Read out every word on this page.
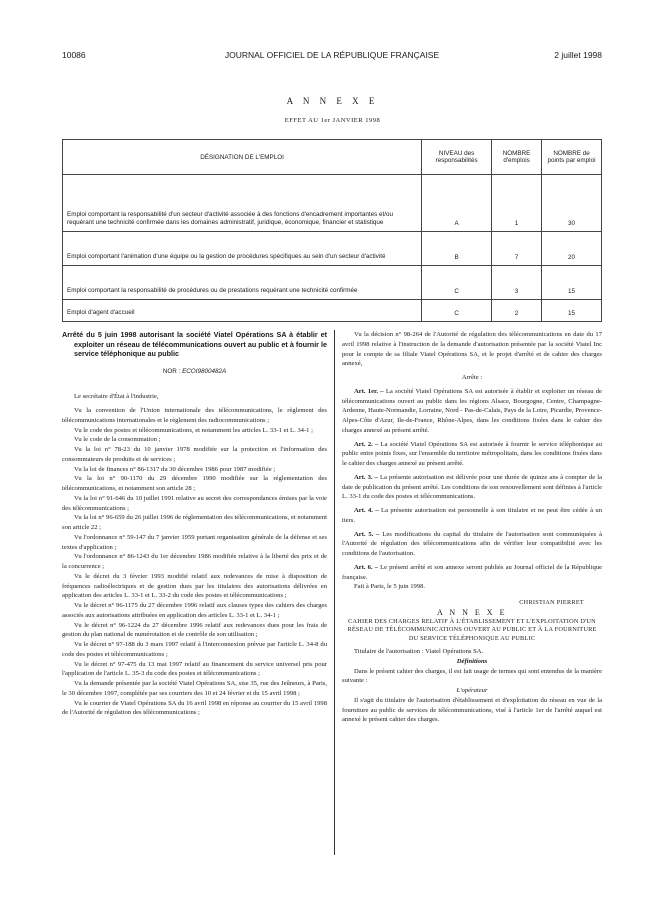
10086	JOURNAL OFFICIEL DE LA RÉPUBLIQUE FRANÇAISE	2 juillet 1998
A N N E X E
EFFET AU 1er JANVIER 1998
DÉSIGNATION DE L'EMPLOI	NIVEAU des responsabilités	NOMBRE d'emplois	NOMBRE de points par emploi
Emploi comportant la responsabilité d'un secteur d'activité associée à des fonctions d'encadrement importantes et/ou requérant une technicité confirmée dans les domaines administratif, juridique, économique, financier et statistique	A	1	30
Emploi comportant l'animation d'une équipe ou la gestion de procédures spécifiques au sein d'un secteur d'activité	B	7	20
Emploi comportant la responsabilité de procédures ou de prestations requérant une technicité confirmée	C	3	15
Emploi d'agent d'accueil	C	2	15
Arrêté du 5 juin 1998 autorisant la société Viatel Opérations SA à établir et exploiter un réseau de télécommunications ouvert au public et à fournir le service téléphonique au public
NOR : ECOI9800482A

Le secrétaire d'État à l'industrie,

Vu la convention de l'Union internationale des télécommunications, le règlement des télécommunications internationales et le règlement des radiocommunications ;

Vu le code des postes et télécommunications, et notamment les articles L. 33-1 et L. 34-1 ;

Vu le code de la consommation ;

Vu la loi n° 78-23 du 10 janvier 1978 modifiée sur la protection et l'information des consommateurs de produits et de services ;

Vu la loi de finances n° 86-1317 du 30 décembre 1986 pour 1987 modifiée ;

Vu la loi n° 90-1170 du 29 décembre 1990 modifiée sur la réglementation des télécommunications, et notamment son article 28 ;

Vu la loi n° 91-646 du 10 juillet 1991 relative au secret des correspondances émises par la voie des télécommunications ;

Vu la loi n° 96-659 du 26 juillet 1996 de réglementation des télécommunications, et notamment son article 22 ;

Vu l'ordonnance n° 59-147 du 7 janvier 1959 portant organisation générale de la défense et ses textes d'application ;

Vu l'ordonnance n° 86-1243 du 1er décembre 1986 modifiée relative à la liberté des prix et de la concurrence ;

Vu le décret du 3 février 1993 modifié relatif aux redevances de mise à disposition de fréquences radioélectriques et de gestion dues par les titulaires des autorisations délivrées en application des articles L. 33-1 et L. 33-2 du code des postes et télécommunications ;

Vu le décret n° 96-1175 du 27 décembre 1996 relatif aux clauses types des cahiers des charges associés aux autorisations attribuées en application des articles L. 33-1 et L. 34-1 ;

Vu le décret n° 96-1224 du 27 décembre 1996 relatif aux redevances dues pour les frais de gestion du plan national de numérotation et de contrôle de son utilisation ;

Vu le décret n° 97-188 du 3 mars 1997 relatif à l'interconnexion prévue par l'article L. 34-8 du code des postes et télécommunications ;

Vu le décret n° 97-475 du 13 mai 1997 relatif au financement du service universel pris pour l'application de l'article L. 35-3 du code des postes et télécommunications ;

Vu la demande présentée par la société Viatel Opérations SA, sise 35, rue des Jeûneurs, à Paris, le 30 décembre 1997, complétée par ses courriers des 10 et 24 février et du 15 avril 1998 ;

Vu le courrier de Viatel Opérations SA du 16 avril 1998 en réponse au courrier du 15 avril 1998 de l'Autorité de régulation des télécommunications ;

Vu la décision n° 98-264 de l'Autorité de régulation des télécommunications en date du 17 avril 1998 relative à l'instruction de la demande d'autorisation présentée par la société Viatel Inc pour le compte de sa filiale Viatel Opérations SA, et le projet d'arrêté et de cahier des charges annexé,

Arrête :

Art. 1er. – La société Viatel Opérations SA est autorisée à établir et exploiter un réseau de télécommunications ouvert au public dans les régions Alsace, Bourgogne, Centre, Champagne-Ardenne, Haute-Normandie, Lorraine, Nord - Pas-de-Calais, Pays de la Loire, Picardie, Provence-Alpes-Côte d'Azur, Ile-de-France, Rhône-Alpes, dans les conditions fixées dans le cahier des charges annexé au présent arrêté.

Art. 2. – La société Viatel Opérations SA est autorisée à fournir le service téléphonique au public entre points fixes, sur l'ensemble du territoire métropolitain, dans les conditions fixées dans le cahier des charges annexé au présent arrêté.

Art. 3. – La présente autorisation est délivrée pour une durée de quinze ans à compter de la date de publication du présent arrêté. Les conditions de son renouvellement sont définies à l'article L. 33-1 du code des postes et télécommunications.

Art. 4. – La présente autorisation est personnelle à son titulaire et ne peut être cédée à un tiers.

Art. 5. – Les modifications du capital du titulaire de l'autorisation sont communiquées à l'Autorité de régulation des télécommunications afin de vérifier leur compatibilité avec les conditions de l'autorisation.

Art. 6. – Le présent arrêté et son annexe seront publiés au Journal officiel de la République française.

Fait à Paris, le 5 juin 1998.

CHRISTIAN PIERRET

A N N E X E

CAHIER DES CHARGES RELATIF À L'ÉTABLISSEMENT ET L'EXPLOITATION D'UN RÉSEAU DE TÉLÉCOMMUNICATIONS OUVERT AU PUBLIC ET À LA FOURNITURE DU SERVICE TÉLÉPHONIQUE AU PUBLIC

Titulaire de l'autorisation : Viatel Opérations SA.

Définitions

Dans le présent cahier des charges, il est fait usage de termes qui sont entendus de la manière suivante :

L'opérateur

Il s'agit du titulaire de l'autorisation d'établissement et d'exploitation du réseau en vue de la fourniture au public de services de télécommunications, visé à l'article 1er de l'arrêté auquel est annexé le présent cahier des charges.
